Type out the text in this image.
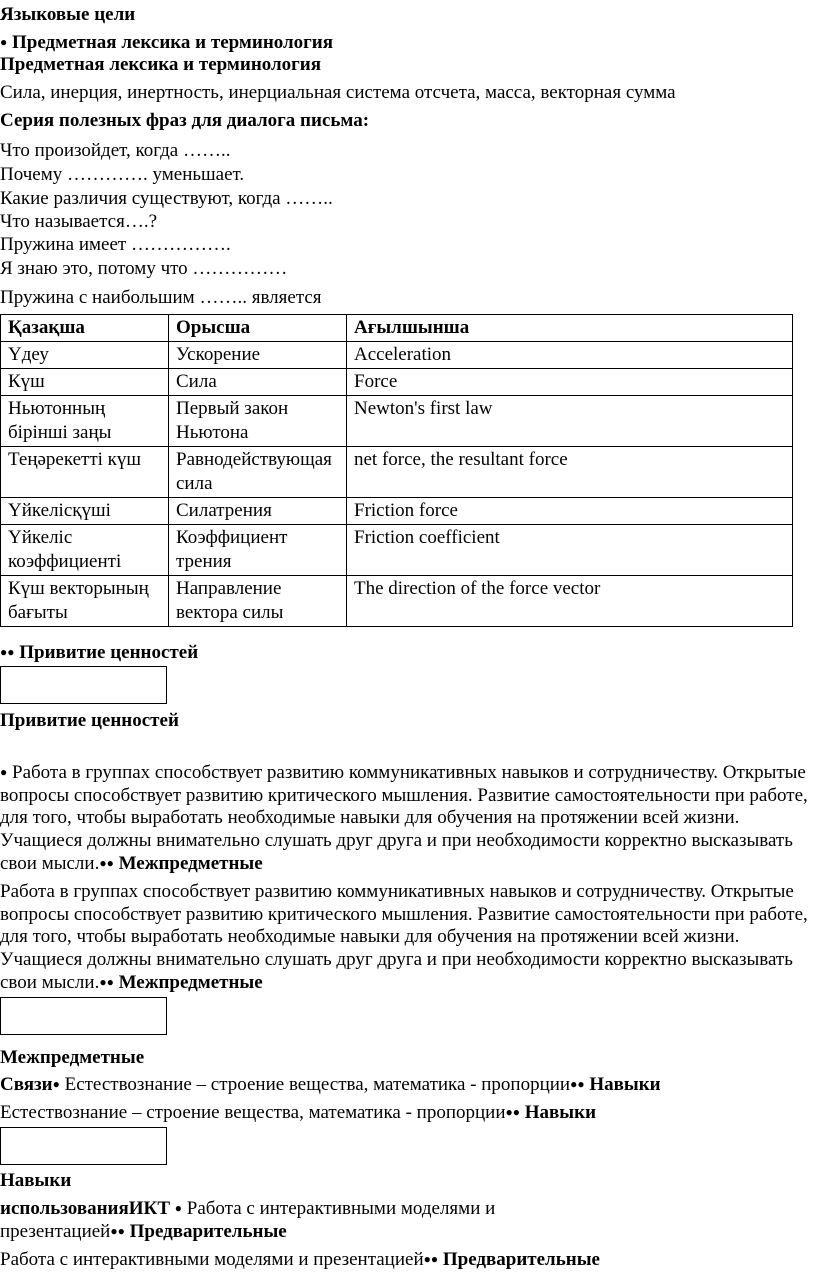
Языковые цели
● Предметная лексика и терминология
Предметная лексика и терминология
Сила, инерция, инертность, инерциальная система отсчета, масса, векторная сумма
Серия полезных фраз для диалога письма:
Что произойдет, когда ……..
Почему …………. уменьшает.
Какие различия существуют, когда ……..
Что называется….?
Пружина имеет …………….
Я знаю это, потому что ……………
Пружина с наибольшим …….. является
Қазақша	Орысша	Ағылшынша
Үдеу	Ускорение	Acceleration
Күш	Сила	Force
Ньютонның бірінші заңы	Первый закон Ньютона	Newton's first law
Теңәрекетті күш	Равнодействующая сила	net force, the resultant force
Үйкелісқүші	Силатрения	Friction force
Үйкеліс коэффициенті	Коэффициент трения	Friction coefficient
Күш векторының бағыты	Направление вектора силы	The direction of the force vector
●● Привитие ценностей
Привитие ценностей
● Работа в группах способствует развитию коммуникативных навыков и сотрудничеству. Открытые вопросы способствует развитию критического мышления. Развитие самостоятельности при работе, для того, чтобы выработать необходимые навыки для обучения на протяжении всей жизни. Учащиеся должны внимательно слушать друг друга и при необходимости корректно высказывать свои мысли.●● Межпредметные
Работа в группах способствует развитию коммуникативных навыков и сотрудничеству. Открытые вопросы способствует развитию критического мышления. Развитие самостоятельности при работе, для того, чтобы выработать необходимые навыки для обучения на протяжении всей жизни. Учащиеся должны внимательно слушать друг друга и при необходимости корректно высказывать свои мысли.●● Межпредметные
Межпредметные
Связи● Естествознание – строение вещества, математика - пропорции●● Навыки
Естествознание – строение вещества, математика - пропорции●● Навыки
Навыки
использованияИКТ ● Работа с интерактивными моделями и
презентацией●● Предварительные
Работа с интерактивными моделями и презентацией●● Предварительные
